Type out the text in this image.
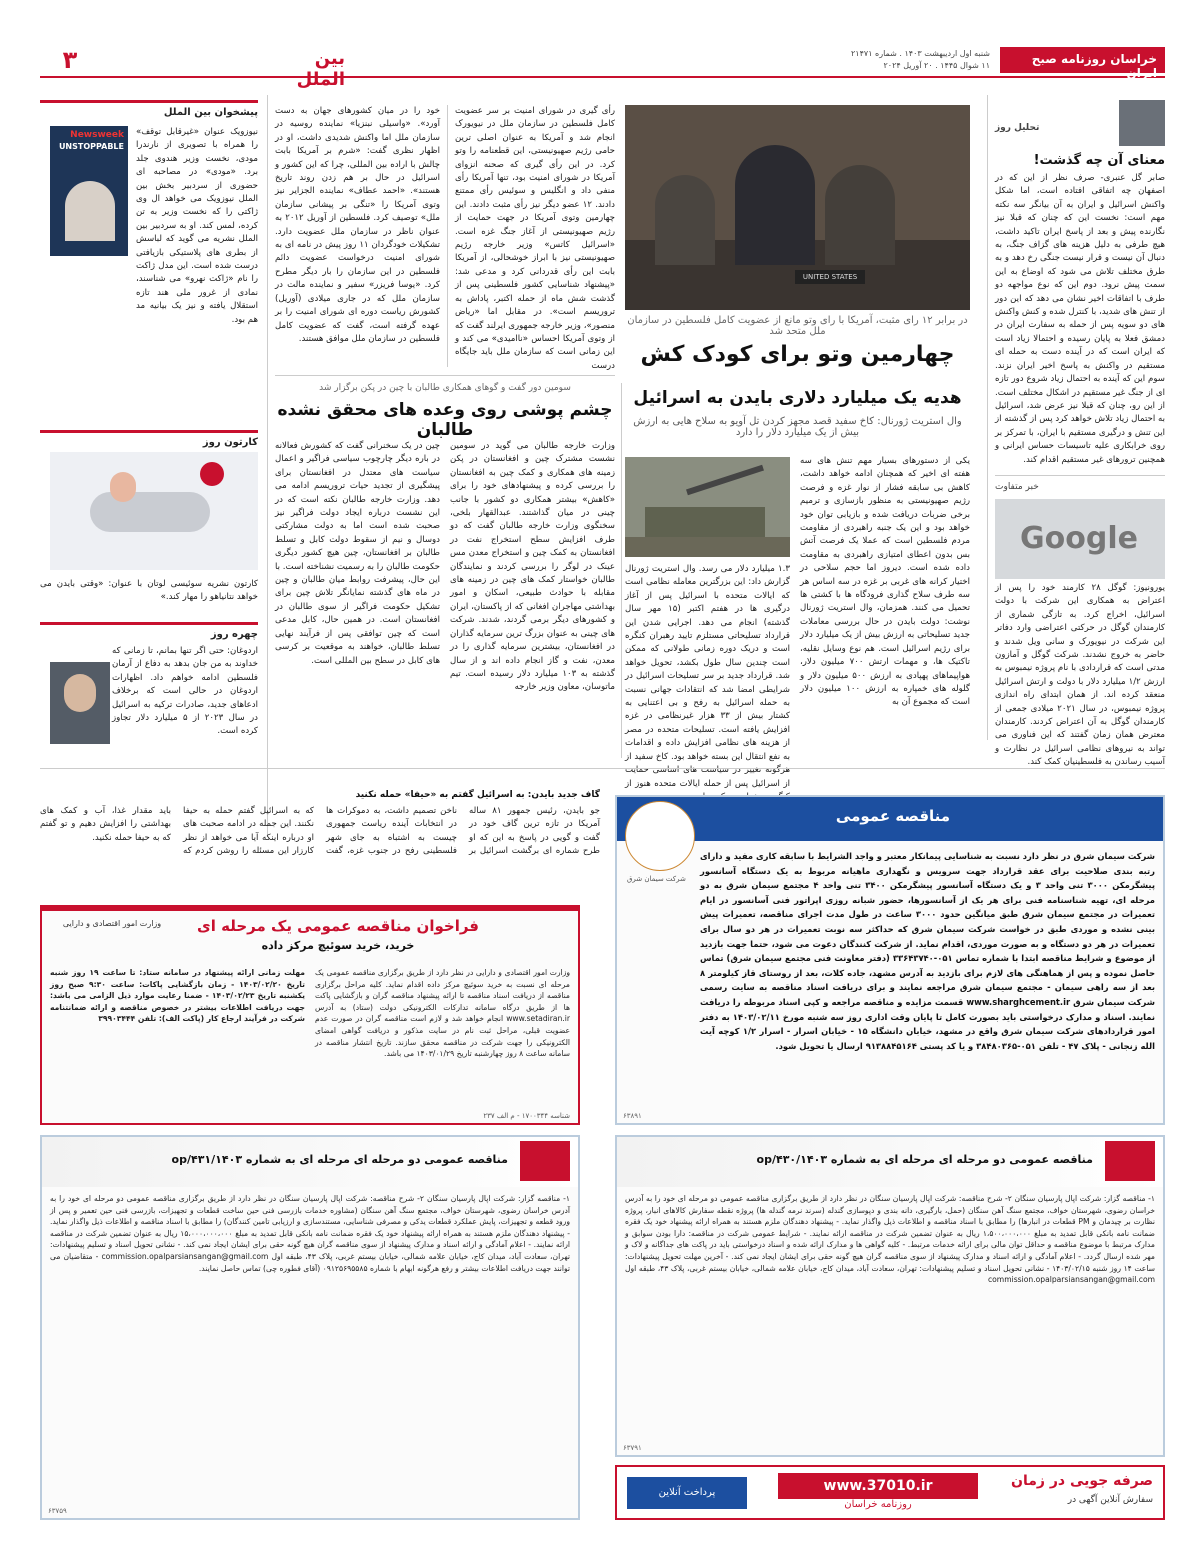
۳	بین الملل
خراسان روزنامه صبح ایران
شنبه اول اردیبهشت ۱۴۰۳ . شماره ۲۱۴۷۱
۱۱ شوال ۱۴۴۵ . ۲۰ آوریل ۲۰۲۴
تحلیل روز
معنای آن چه گذشت!
صابر گل عنبری- صرف نظر از این که در اصفهان چه اتفاقی افتاده است، اما شکل واکنش اسرائیل و ایران به آن بیانگر سه نکته مهم است: نخست این که چنان که قبلا نیز نگارنده پیش و بعد از پاسخ ایران تاکید داشت، هیچ طرفی به دلیل هزینه های گزاف جنگ، به دنبال آن نیست و قرار نیست جنگی رخ دهد و به طرق مختلف تلاش می شود که اوضاع به این سمت پیش نرود. دوم این که نوع مواجهه دو طرف با اتفاقات اخیر نشان می دهد که این دور از تنش های شدید، با کنترل شده و کنش واکنش های دو سویه پس از حمله به سفارت ایران در دمشق فعلا به پایان رسیده و احتمالا زیاد است که ایران است که در آینده دست به حمله ای مستقیم در واکنش به پاسخ اخیر ایران نزند. سوم این که آینده به احتمال زیاد شروع دور تازه ای از جنگ غیر مستقیم در اشکال مختلف است. از این رو، چنان که قبلا نیز عرض شد، اسرائیل به احتمال زیاد تلاش خواهد کرد پس از گذشته از این تنش و درگیری مستقیم با ایران، با تمرکز بر روی خرابکاری علیه تاسیسات حساس ایرانی و همچنین ترورهای غیر مستقیم اقدام کند.
خبر متفاوت
Google
یورونیوز: گوگل ۲۸ کارمند خود را پس از اعتراض به همکاری این شرکت با دولت اسرائیل، اخراج کرد. به تازگی شماری از کارمندان گوگل در حرکتی اعتراضی وارد دفاتر این شرکت در نیویورک و سانی ویل شدند و حاضر به خروج نشدند. شرکت گوگل و آمازون مدتی است که قراردادی با نام پروژه نیمبوس به ارزش ۱/۲ میلیارد دلار با دولت و ارتش اسرائیل منعقد کرده اند. از همان ابتدای راه اندازی پروژه نیمبوس، در سال ۲۰۲۱ میلادی جمعی از کارمندان گوگل به آن اعتراض کردند. کارمندان معترض همان زمان گفتند که این فناوری می تواند به نیروهای نظامی اسرائیل در نظارت و آسیب رساندن به فلسطینیان کمک کند.
UNITED STATES
در برابر ۱۲ رای مثبت، آمریکا با رای وتو مانع از عضویت کامل فلسطین در سازمان ملل متحد شد
چهارمین وتو برای کودک کش
رأی گیری در شورای امنیت بر سر عضویت کامل فلسطین در سازمان ملل در نیویورک انجام شد و آمریکا به عنوان اصلی ترین حامی رژیم صهیونیستی، این قطعنامه را وتو کرد. در این رأی گیری که صحنه انزوای آمریکا در شورای امنیت بود، تنها آمریکا رأی منفی داد و انگلیس و سوئیس رأی ممتنع دادند. ۱۲ عضو دیگر نیز رأی مثبت دادند. این چهارمین وتوی آمریکا در جهت حمایت از رژیم صهیونیستی از آغاز جنگ غزه است. «اسرائیل کاتس» وزیر خارجه رژیم صهیونیستی نیز با ابراز خوشحالی، از آمریکا بابت این رأی قدردانی کرد و مدعی شد: «پیشنهاد شناسایی کشور فلسطینی پس از گذشت شش ماه از حمله اکتبر، پاداش به تروریسم است». در مقابل اما «ریاض منصور»، وزیر خارجه جمهوری ایرلند گفت که از وتوی آمریکا احساس «ناامیدی» می کند و این زمانی است که سازمان ملل باید جایگاه درست
خود را در میان کشورهای جهان به دست آورد». «واسیلی نبنزیا» نماینده روسیه در سازمان ملل اما واکنش شدیدی داشت، او در اظهار نظری گفت: «شرم بر آمریکا بابت چالش با اراده بین المللی، چرا که این کشور و اسرائیل در حال بر هم زدن روند تاریخ هستند». «احمد عطاف» نماینده الجزایر نیز وتوی آمریکا را «تنگی بر پیشانی سازمان ملل» توصیف کرد. فلسطین از آوریل ۲۰۱۲ به عنوان ناظر در سازمان ملل عضویت دارد. تشکیلات خودگردان ۱۱ روز پیش در نامه ای به شورای امنیت درخواست عضویت دائم فلسطین در این سازمان را بار دیگر مطرح کرد. «یوسا فریزر» سفیر و نماینده مالت در سازمان ملل که در جاری میلادی (آوریل) کشورش ریاست دوره ای شورای امنیت را بر عهده گرفته است، گفت که عضویت کامل فلسطین در سازمان ملل موافق هستند.
هدیه یک میلیارد دلاری بایدن به اسرائیل
وال استریت ژورنال: کاخ سفید قصد مجهز کردن تل آویو به سلاح هایی به ارزش بیش از یک میلیارد دلار را دارد
یکی از دستورهای بسیار مهم تنش های سه هفته ای اخیر که همچنان ادامه خواهد داشت، کاهش بی سابقه فشار از نوار غزه و فرصت رژیم صهیونیستی به منظور بازسازی و ترمیم برخی ضربات دریافت شده و بازیابی توان خود خواهد بود و این یک جنبه راهبردی از مقاومت مردم فلسطین است که عملا یک فرصت آتش بس بدون اعطای امتیازی راهبردی به مقاومت داده شده است. دیروز اما حجم سلاحی در اختیار کرانه های غربی بر غزه در سه اساس هر سه طرف سلاح گذاری فرودگاه ها با کشتی ها تحمیل می کنند. همزمان، وال استریت ژورنال نوشت: دولت بایدن در حال بررسی معاملات جدید تسلیحاتی به ارزش بیش از یک میلیارد دلار برای رژیم اسرائیل است. هم نوع وسایل نقلیه، تاکتیک ها، و مهمات ارتش ۷۰۰ میلیون دلار، هواپیماهای پهپادی به ارزش ۵۰۰ میلیون دلار و گلوله های خمپاره به ارزش ۱۰۰ میلیون دلار است که مجموع آن به
۱.۳ میلیارد دلار می رسد. وال استریت ژورنال گزارش داد: این بزرگترین معامله نظامی است که ایالات متحده با اسرائیل پس از آغاز درگیری ها در هفتم اکتبر (۱۵ مهر سال گذشته) انجام می دهد. اجرایی شدن این قرارداد تسلیحاتی مستلزم تایید رهبران کنگره است و دریک دوره زمانی طولانی که ممکن است چندین سال طول بکشد، تحویل خواهد شد. قرارداد جدید بر سر تسلیحات اسرائیل در شرایطی امضا شد که انتقادات جهانی نسبت به حمله اسرائیل به رفح و بی اعتنایی به کشتار بیش از ۳۳ هزار غیرنظامی در غزه افزایش یافته است. تسلیحات متحده در مصر از هزینه های نظامی افزایش داده و اقدامات به نفع انتقال این بسته خواهد بود. کاخ سفید از هرگونه تغییر در سیاست های اساسی حمایت از اسرائیل پس از حمله ایالات متحده هنوز از
سومین دور گفت و گوهای همکاری طالبان با چین در پکن برگزار شد
چشم پوشی روی وعده های محقق نشده طالبان
وزارت خارجه طالبان می گوید در سومین نشست مشترک چین و افغانستان در پکن زمینه های همکاری و کمک چین به افغانستان را بررسی کرده و پیشنهادهای خود را برای «کاهش» بیشتر همکاری دو کشور با جانب چینی در میان گذاشتند. عبدالقهار بلخی، سخنگوی وزارت خارجه طالبان گفت که دو طرف افزایش سطح استخراج نفت در افغانستان به کمک چین و استخراج معدن مس عینک در لوگر را بررسی کردند و نمایندگان طالبان خواستار کمک های چین در زمینه های مقابله با حوادث طبیعی، اسکان و امور بهداشتی مهاجران افغانی که از پاکستان، ایران و کشورهای دیگر برمی گردند، شدند. شرکت های چینی به عنوان بزرگ ترین سرمایه گذاران در افغانستان، بیشترین سرمایه گذاری را در معدن، نفت و گاز انجام داده اند و از سال گذشته به ۱۰۳ میلیارد دلار رسیده است. تیم ماتوسان، معاون وزیر خارجه
چین در یک سخنرانی گفت که کشورش فعالانه در باره دیگر چارچوب سیاسی فراگیر و اعمال سیاست های معتدل در افغانستان برای پیشگیری از تجدید حیات تروریسم ادامه می دهد. وزارت خارجه طالبان نکته است که در این نشست درباره ایجاد دولت فراگیر نیز صحبت شده است اما به دولت مشارکتی دوسال و نیم از سقوط دولت کابل و تسلط طالبان بر افغانستان، چین هیچ کشور دیگری حکومت طالبان را به رسمیت نشناخته است. با این حال، پیشرفت روابط میان طالبان و چین در ماه های گذشته نمایانگر تلاش چین برای تشکیل حکومت فراگیر از سوی طالبان در افغانستان است. در همین حال، کابل مدعی است که چین توافقی پس از فرآیند نهایی تسلط طالبان، خواهند به موقعیت بر کرسی های کابل در سطح بین المللی است.
پیشخوان بین الملل
Newsweek
UNSTOPPABLE
نیوزویک عنوان «غیرقابل توقف» را همراه با تصویری از نارندرا مودی، نخست وزیر هندوی جلد برد. «مودی» در مصاحبه ای حضوری از سردبیر بخش بین الملل نیوزویک می خواهد ال وی ژاکتی را که نخست وزیر به تن کرده، لمس کند. او به سردبیر بین الملل نشریه می گوید که لباسش از بطری های پلاستیکی بازیافتی درست شده است. این مدل ژاکت را نام «ژاکت نهرو» می شناسند، نمادی از غرور ملی هند تازه استقلال یافته و نیز یک بیانیه مد هم بود.
کارتون روز
کارتون نشریه سوئیسی لوتان با عنوان: «وقتی بایدن می خواهد نتانیاهو را مهار کند.»
چهره روز
اردوغان: حتی اگر تنها بمانم، تا زمانی که خداوند به من جان بدهد به دفاع از آرمان فلسطین ادامه خواهم داد. اظهارات اردوغان در حالی است که برخلاف ادعاهای جدید، صادرات ترکیه به اسرائیل در سال ۲۰۲۳ از ۵ میلیارد دلار تجاوز کرده است.
گاف جدید بایدن: به اسرائیل گفتم به «حیفا» حمله نکنید
جو بایدن، رئیس جمهور ۸۱ ساله آمریکا در تازه ترین گاف خود در گفت و گویی در پاسخ به این که او طرح شماره ای برگشت اسرائیل بر ناخن تصمیم داشت، به دموکرات ها در انتخابات آینده ریاست جمهوری چیست به اشتباه به جای شهر فلسطینی رفح در جنوب غزه، گفت که به اسرائیل گفتم حمله به حیفا نکنند. این جمله در ادامه صحبت های او درباره اینکه آیا می خواهد از نظر کارزار این مسئله را روشن کردم که باید مقدار غذا، آب و کمک های بهداشتی را افزایش دهیم و تو گفتم که به حیفا حمله نکنید.
مناقصه عمومی
شرکت سیمان شرق
شرکت سیمان شرق در نظر دارد نسبت به شناسایی پیمانکار معتبر و واجد الشرایط با سابقه کاری مفید و دارای رتبه بندی صلاحیت برای عقد قرارداد جهت سرویس و نگهداری ماهیانه مربوط به یک دستگاه آسانسور پیشگرمکن ۳۰۰۰ تنی واحد ۳ و یک دستگاه آسانسور پیشگرمکن ۳۴۰۰ تنی واحد ۴ مجتمع سیمان شرق به دو مرحله ای، تهیه شناسنامه فنی برای هر یک از آسانسورها، حضور شبانه روزی اپراتور فنی آسانسور در ایام تعمیرات در مجتمع سیمان شرق طبق میانگین حدود ۳۰۰۰ ساعت در طول مدت اجرای مناقصه، تعمیرات پیش بینی نشده و موردی طبق در خواست شرکت سیمان شرق که حداکثر سه نوبت تعمیرات در هر دو سال برای تعمیرات در هر دو دستگاه و به صورت موردی، اقدام نماید. از شرکت کنندگان دعوت می شود، حتما جهت بازدید از موضوع و شرایط مناقصه ابتدا با شماره تماس ۰۵۱-۳۳۶۴۳۷۴۰ (دفتر معاونت فنی مجتمع سیمان شرق) تماس حاصل نموده و پس از هماهنگی های لازم برای بازدید به آدرس مشهد، جاده کلات، بعد از روستای قاز کیلومتر ۸ بعد از سه راهی سیمان - مجتمع سیمان شرق مراجعه نمایند و برای دریافت اسناد مناقصه به سایت رسمی شرکت سیمان شرق www.sharghcement.ir قسمت مزایده و مناقصه مراجعه و کپی اسناد مربوطه را دریافت نمایند. اسناد و مدارک درخواستی باید بصورت کامل تا پایان وقت اداری روز سه شنبه مورخ ۱۴۰۳/۰۲/۱۱ به دفتر امور قراردادهای شرکت سیمان شرق واقع در مشهد، خیابان دانشگاه ۱۵ - خیابان اسرار - اسرار ۱/۲ کوچه آیت الله زنجانی - پلاک ۴۷ - تلفن ۰۵۱-۳۸۴۸۰۳۶۵ و یا کد پستی ۹۱۳۸۸۴۵۱۶۴ ارسال یا تحویل شود.
۶۳۸۹۱
فراخوان مناقصه عمومی یک مرحله ای
خرید، خرید سوئیچ مرکز داده
وزارت امور اقتصادی و دارایی
وزارت امور اقتصادی و دارایی در نظر دارد از طریق برگزاری مناقصه عمومی یک مرحله ای نسبت به خرید سوئیچ مرکز داده اقدام نماید. کلیه مراحل برگزاری مناقصه از دریافت اسناد مناقصه تا ارائه پیشنهاد مناقصه گران و بازگشایی پاکت ها از طریق درگاه سامانه تدارکات الکترونیکی دولت (ستاد) به آدرس www.setadiran.ir انجام خواهد شد و لازم است مناقصه گران در صورت عدم عضویت قبلی، مراحل ثبت نام در سایت مذکور و دریافت گواهی امضای الکترونیکی را جهت شرکت در مناقصه محقق سازند. تاریخ انتشار مناقصه در سامانه ساعت ۸ روز چهارشنبه تاریخ ۱۴۰۳/۰۱/۲۹ می باشد.
مهلت زمانی ارائه پیشنهاد در سامانه ستاد: تا ساعت ۱۹ روز شنبه تاریخ ۱۴۰۳/۰۲/۲۰ - زمان بازگشایی پاکات: ساعت ۹:۳۰ صبح روز یکشنبه تاریخ ۱۴۰۳/۰۲/۲۳ - ضمنا رعایت موارد ذیل الزامی می باشد: جهت دریافت اطلاعات بیشتر در خصوص مناقصه و ارائه ضمانتنامه شرکت در فرآیند ارجاع کار (پاکت الف): تلفن ۳۹۹۰۳۴۴۴
شناسه ۱۷۰۰۳۴۴ - م الف ۲۳۷
مناقصه عمومی دو مرحله ای مرحله ای به شماره ۱۴۰۳/op/۴۳۰
۱- مناقصه گزار: شرکت اپال پارسیان سنگان ۲- شرح مناقصه: شرکت اپال پارسیان سنگان در نظر دارد از طریق برگزاری مناقصه عمومی دو مرحله ای خود را به آدرس خراسان رضوی، شهرستان خواف، مجتمع سنگ آهن سنگان (حمل، بارگیری، دانه بندی و دپوسازی گندله (سرند نرمه گندله ها) پروژه نقطه سفارش کالاهای انبار، پروژه نظارت بر چیدمان و PM قطعات در انبارها) را مطابق با اسناد مناقصه و اطلاعات ذیل واگذار نماید. - پیشنهاد دهندگان ملزم هستند به همراه ارائه پیشنهاد خود یک فقره ضمانت نامه بانکی قابل تمدید به مبلغ ۱،۵۰۰،۰۰۰،۰۰۰ ریال به عنوان تضمین شرکت در مناقصه ارائه نمایند. - شرایط عمومی شرکت در مناقصه: دارا بودن سوابق و مدارک مرتبط با موضوع مناقصه و حداقل توان مالی برای ارائه خدمات مرتبط. - کلیه گواهی ها و مدارک ارائه شده و اسناد درخواستی باید در پاکت های جداگانه و لاک و مهر شده ارسال گردد. - اعلام آمادگی و ارائه اسناد و مدارک پیشنهاد از سوی مناقصه گران هیچ گونه حقی برای ایشان ایجاد نمی کند. - آخرین مهلت تحویل پیشنهادات: ساعت ۱۴ روز شنبه ۱۴۰۳/۰۲/۱۵ - نشانی تحویل اسناد و تسلیم پیشنهادات: تهران، سعادت آباد، میدان کاج، خیابان علامه شمالی، خیابان بیستم غربی، پلاک ۴۳، طبقه اول commission.opalparsiansangan@gmail.com
۶۳۷۹۱
مناقصه عمومی دو مرحله ای مرحله ای به شماره ۱۴۰۳/op/۴۳۱
۱- مناقصه گزار: شرکت اپال پارسیان سنگان ۲- شرح مناقصه: شرکت اپال پارسیان سنگان در نظر دارد از طریق برگزاری مناقصه عمومی دو مرحله ای خود را به آدرس خراسان رضوی، شهرستان خواف، مجتمع سنگ آهن سنگان (مشاوره خدمات بازرسی فنی حین ساخت قطعات و تجهیزات، بازرسی فنی حین تعمیر و پس از ورود قطعه و تجهیزات، پایش عملکرد قطعات یدکی و مصرفی شناسایی، مستندسازی و ارزیابی تامین کنندگان) را مطابق با اسناد مناقصه و اطلاعات ذیل واگذار نماید. - پیشنهاد دهندگان ملزم هستند به همراه ارائه پیشنهاد خود یک فقره ضمانت نامه بانکی قابل تمدید به مبلغ ۱۵،۰۰۰،۰۰۰،۰۰۰ ریال به عنوان تضمین شرکت در مناقصه ارائه نمایند. - اعلام آمادگی و ارائه اسناد و مدارک پیشنهاد از سوی مناقصه گران هیچ گونه حقی برای ایشان ایجاد نمی کند. - نشانی تحویل اسناد و تسلیم پیشنهادات: تهران، سعادت آباد، میدان کاج، خیابان علامه شمالی، خیابان بیستم غربی، پلاک ۴۳، طبقه اول commission.opalparsiansangan@gmail.com - متقاضیان می توانند جهت دریافت اطلاعات بیشتر و رفع هرگونه ابهام با شماره ۰۹۱۲۵۶۹۵۵۸۵ (آقای فطوره چی) تماس حاصل نمایند.
۶۳۷۵۹
صرفه جویی در زمان
سفارش آنلاین آگهی در
www.37010.ir
روزنامه خراسان
پرداخت آنلاین
